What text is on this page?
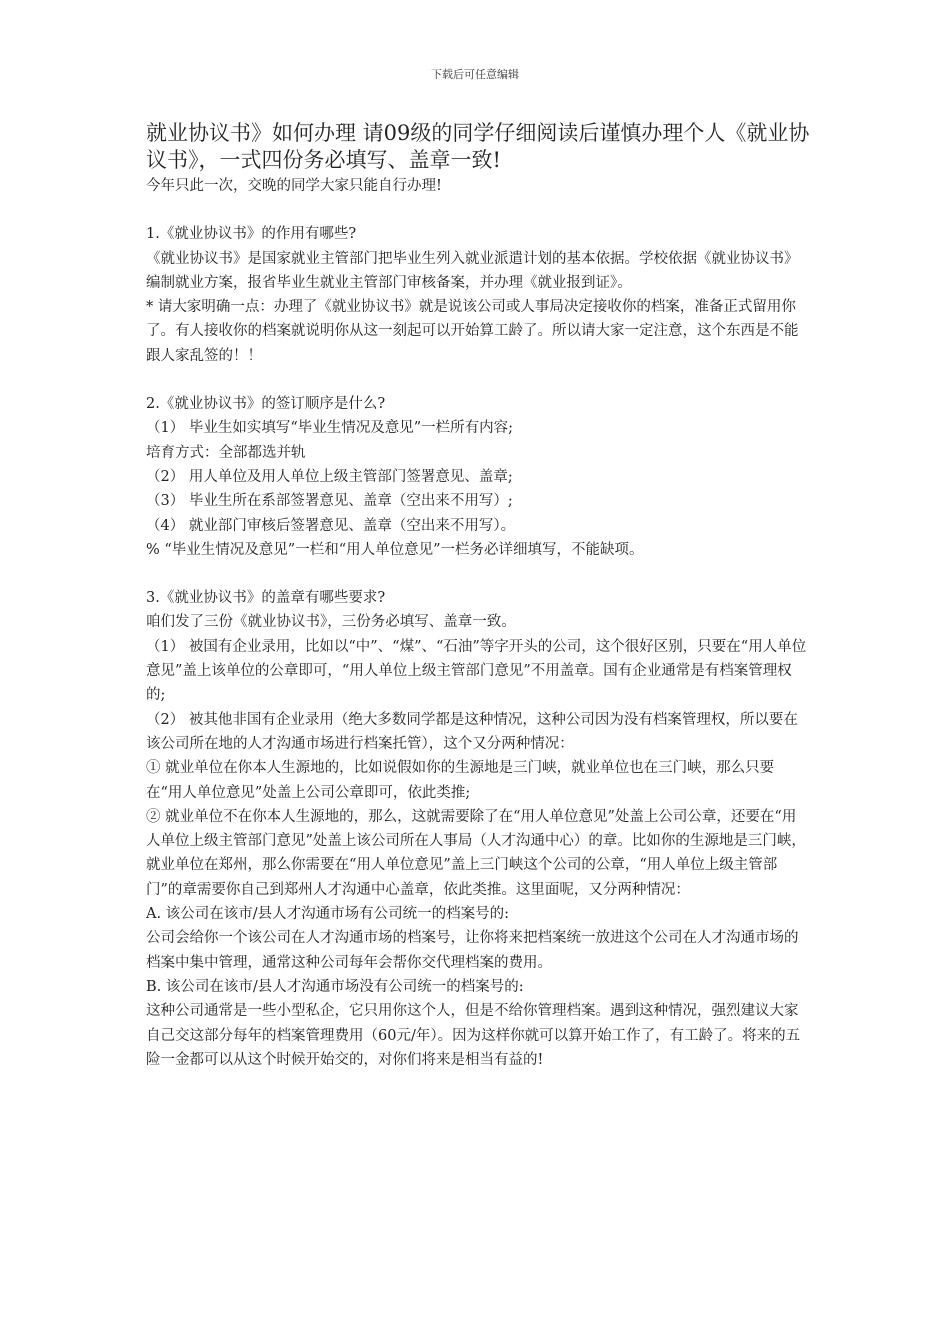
下载后可任意编辑
就业协议书》如何办理 请09级的同学仔细阅读后谨慎办理个人《就业协议书》，一式四份务必填写、盖章一致!

今年只此一次，交晚的同学大家只能自行办理!

1.《就业协议书》的作用有哪些?

《就业协议书》是国家就业主管部门把毕业生列入就业派遣计划的基本依据。学校依据《就业协议书》编制就业方案，报省毕业生就业主管部门审核备案，并办理《就业报到证》。

* 请大家明确一点：办理了《就业协议书》就是说该公司或人事局决定接收你的档案，准备正式留用你了。有人接收你的档案就说明你从这一刻起可以开始算工龄了。所以请大家一定注意，这个东西是不能跟人家乱签的！！

2.《就业协议书》的签订顺序是什么?

（1） 毕业生如实填写“毕业生情况及意见”一栏所有内容;

培育方式：全部都选并轨

（2） 用人单位及用人单位上级主管部门签署意见、盖章;

（3） 毕业生所在系部签署意见、盖章（空出来不用写）;

（4） 就业部门审核后签署意见、盖章（空出来不用写）。

% “毕业生情况及意见”一栏和“用人单位意见”一栏务必详细填写，不能缺项。

3.《就业协议书》的盖章有哪些要求?

咱们发了三份《就业协议书》，三份务必填写、盖章一致。

（1） 被国有企业录用，比如以“中”、“煤”、“石油”等字开头的公司，这个很好区别，只要在“用人单位意见”盖上该单位的公章即可，“用人单位上级主管部门意见”不用盖章。国有企业通常是有档案管理权的;

（2） 被其他非国有企业录用（绝大多数同学都是这种情况，这种公司因为没有档案管理权，所以要在该公司所在地的人才沟通市场进行档案托管），这个又分两种情况：

① 就业单位在你本人生源地的，比如说假如你的生源地是三门峡，就业单位也在三门峡，那么只要在“用人单位意见”处盖上公司公章即可，依此类推;

② 就业单位不在你本人生源地的，那么，这就需要除了在“用人单位意见”处盖上公司公章，还要在“用人单位上级主管部门意见”处盖上该公司所在人事局（人才沟通中心）的章。比如你的生源地是三门峡，就业单位在郑州，那么你需要在“用人单位意见”盖上三门峡这个公司的公章，“用人单位上级主管部门”的章需要你自己到郑州人才沟通中心盖章，依此类推。这里面呢，又分两种情况：

A. 该公司在该市/县人才沟通市场有公司统一的档案号的:

公司会给你一个该公司在人才沟通市场的档案号，让你将来把档案统一放进这个公司在人才沟通市场的档案中集中管理，通常这种公司每年会帮你交代理档案的费用。

B. 该公司在该市/县人才沟通市场没有公司统一的档案号的:

这种公司通常是一些小型私企，它只用你这个人，但是不给你管理档案。遇到这种情况，强烈建议大家自己交这部分每年的档案管理费用（60元/年）。因为这样你就可以算开始工作了，有工龄了。将来的五险一金都可以从这个时候开始交的，对你们将来是相当有益的!
